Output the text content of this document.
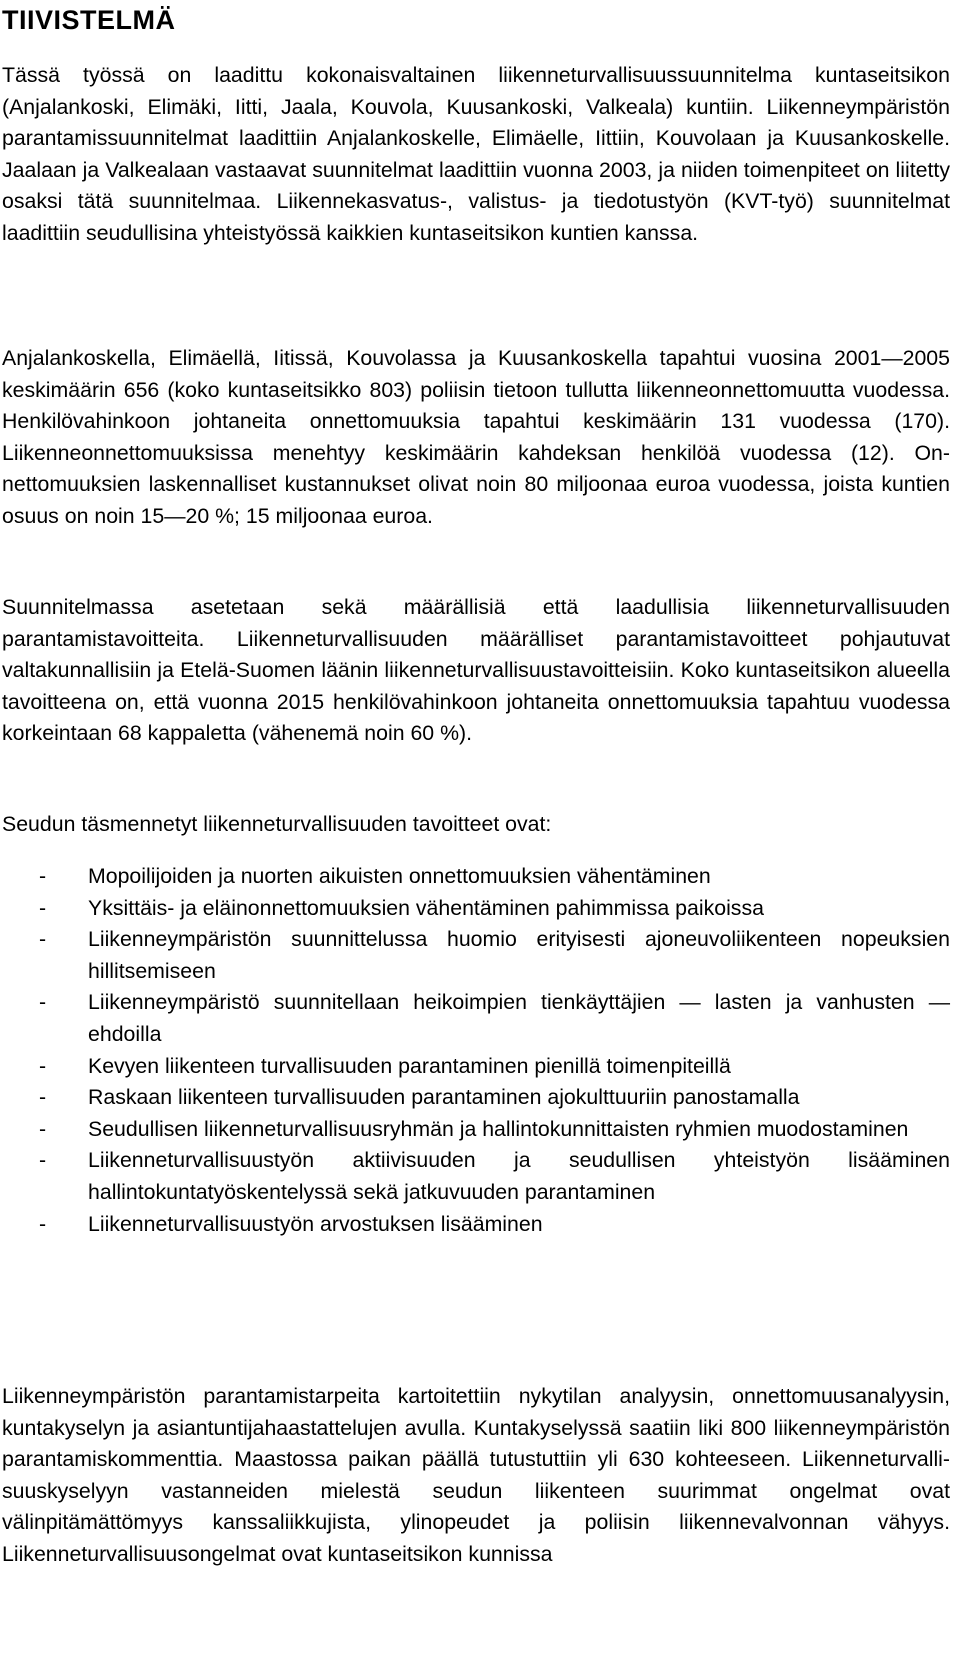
TIIVISTELMÄ

Tässä työssä on laadittu kokonaisvaltainen liikenneturvallisuussuunnitelma kuntaseitsikon (Anjalankoski, Elimäki, Iitti, Jaala, Kouvola, Kuusankoski, Valkeala) kuntiin. Liikenneympäristön parantamissuunnitelmat laadittiin Anjalankoskelle, Elimäelle, Iittiin, Kouvolaan ja Kuusankoskelle. Jaalaan ja Valkealaan vastaavat suunnitelmat laadittiin vuonna 2003, ja niiden toimenpiteet on liitetty osaksi tätä suunnitelmaa. Liikennekasvatus-, valistus- ja tiedotustyön (KVT-työ) suunnitelmat laadittiin seudullisina yhteistyössä kaikkien kuntaseitsikon kuntien kanssa.

Anjalankoskella, Elimäellä, Iitissä, Kouvolassa ja Kuusankoskella tapahtui vuosina 2001—2005 keskimäärin 656 (koko kuntaseitsikko 803) poliisin tietoon tullutta liikenneonnettomuutta vuodessa. Henkilövahinkoon johtaneita onnettomuuksia tapahtui keskimäärin 131 vuodessa (170). Liikenneonnettomuuksissa menehtyy keskimäärin kahdeksan henkilöä vuodessa (12). Onnettomuuksien laskennalliset kustannukset olivat noin 80 miljoonaa euroa vuodessa, joista kuntien osuus on noin 15—20 %; 15 miljoonaa euroa.

Suunnitelmassa asetetaan sekä määrällisiä että laadullisia liikenneturvallisuuden parantamistavoitteita. Liikenneturvallisuuden määrälliset parantamistavoitteet pohjautuvat valtakunnallisiin ja Etelä-Suomen läänin liikenneturvallisuustavoitteisiin. Koko kuntaseitsikon alueella tavoitteena on, että vuonna 2015 henkilövahinkoon johtaneita onnettomuuksia tapahtuu vuodessa korkeintaan 68 kappaletta (vähenemä noin 60 %).

Seudun täsmennetyt liikenneturvallisuuden tavoitteet ovat:

- Mopoilijoiden ja nuorten aikuisten onnettomuuksien vähentäminen
- Yksittäis- ja eläinonnettomuuksien vähentäminen pahimmissa paikoissa
- Liikenneympäristön suunnittelussa huomio erityisesti ajoneuvoliikenteen nopeuksien hillitsemiseen
- Liikenneympäristö suunnitellaan heikoimpien tienkäyttäjien — lasten ja vanhusten — ehdoilla
- Kevyen liikenteen turvallisuuden parantaminen pienillä toimenpiteillä
- Raskaan liikenteen turvallisuuden parantaminen ajokulttuuriin panostamalla
- Seudullisen liikenneturvallisuusryhmän ja hallintokunnittaisten ryhmien muodostaminen
- Liikenneturvallisuustyön aktiivisuuden ja seudullisen yhteistyön lisääminen hallintokuntatyöskentelyssä sekä jatkuvuuden parantaminen
- Liikenneturvallisuustyön arvostuksen lisääminen

Liikenneympäristön parantamistarpeita kartoitettiin nykytilan analyysin, onnettomuusanalyysin, kuntakyselyn ja asiantuntijahaastattelujen avulla. Kuntakyselyssä saatiin liki 800 liikenneympäristön parantamiskommenttia. Maastossa paikan päällä tutustuttiin yli 630 kohteeseen. Liikenneturvallisuuskyselyyn vastanneiden mielestä seudun liikenteen suurimmat ongelmat ovat välinpitämättömyys kanssaliikkujista, ylinopeudet ja poliisin liikennevalvonnan vähyys. Liikenneturvallisuusongelmat ovat kuntaseitsikon kunnissa
